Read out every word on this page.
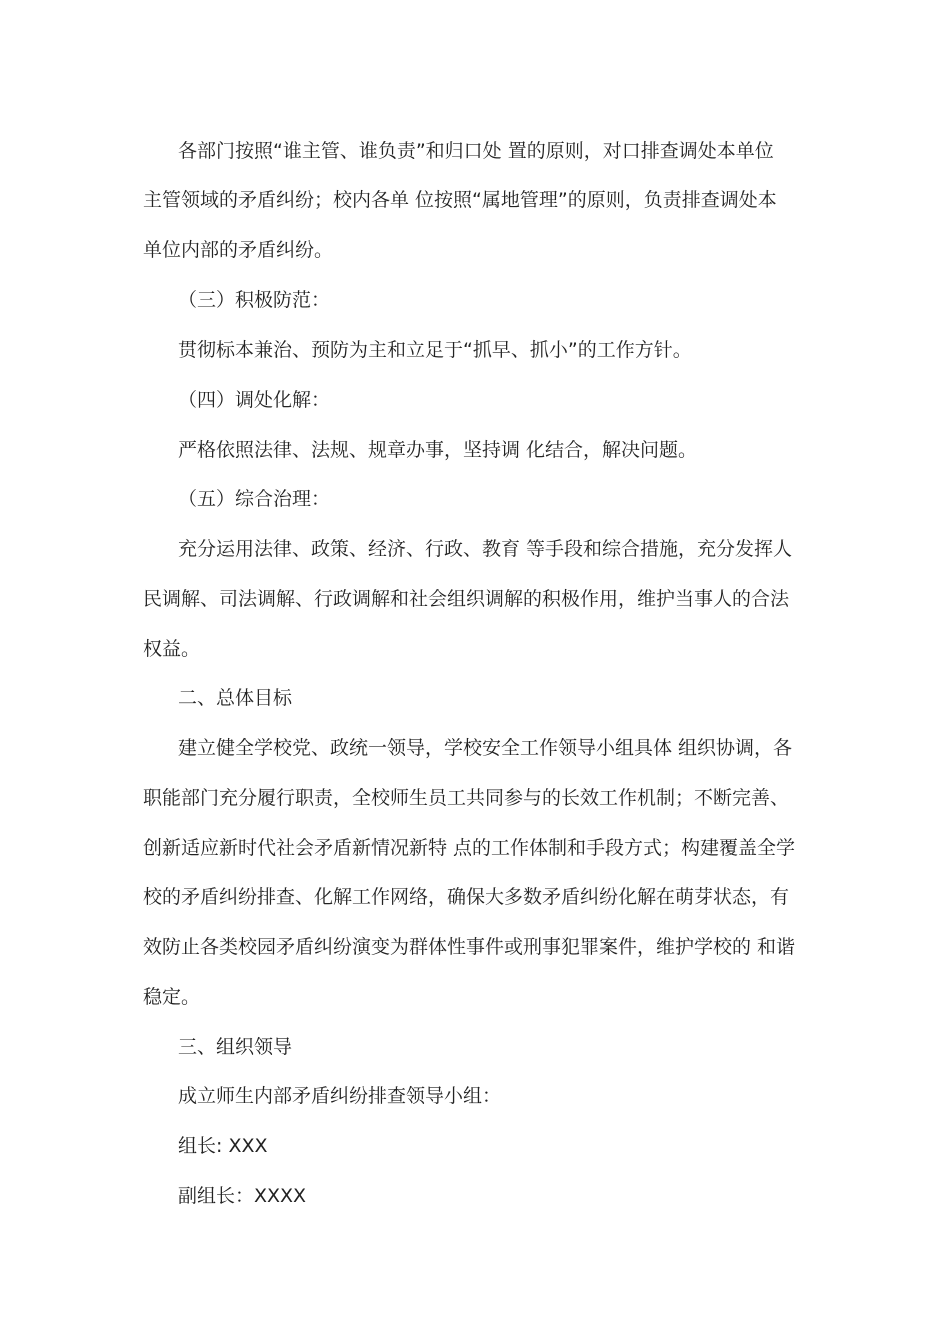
各部门按照“谁主管、谁负责”和归口处 置的原则，对口排查调处本单位
主管领域的矛盾纠纷；校内各单 位按照“属地管理”的原则，负责排查调处本
单位内部的矛盾纠纷。
（三）积极防范：
贯彻标本兼治、预防为主和立足于“抓早、抓小”的工作方针。
（四）调处化解：
严格依照法律、法规、规章办事，坚持调 化结合，解决问题。
（五）综合治理：
充分运用法律、政策、经济、行政、教育 等手段和综合措施，充分发挥人
民调解、司法调解、行政调解和社会组织调解的积极作用，维护当事人的合法
权益。
二、总体目标
建立健全学校党、政统一领导，学校安全工作领导小组具体 组织协调，各
职能部门充分履行职责，全校师生员工共同参与的长效工作机制；不断完善、
创新适应新时代社会矛盾新情况新特 点的工作体制和手段方式；构建覆盖全学
校的矛盾纠纷排查、化解工作网络，确保大多数矛盾纠纷化解在萌芽状态，有
效防止各类校园矛盾纠纷演变为群体性事件或刑事犯罪案件，维护学校的 和谐
稳定。
三、组织领导
成立师生内部矛盾纠纷排查领导小组：
组长: XXX
副组长：XXXX
